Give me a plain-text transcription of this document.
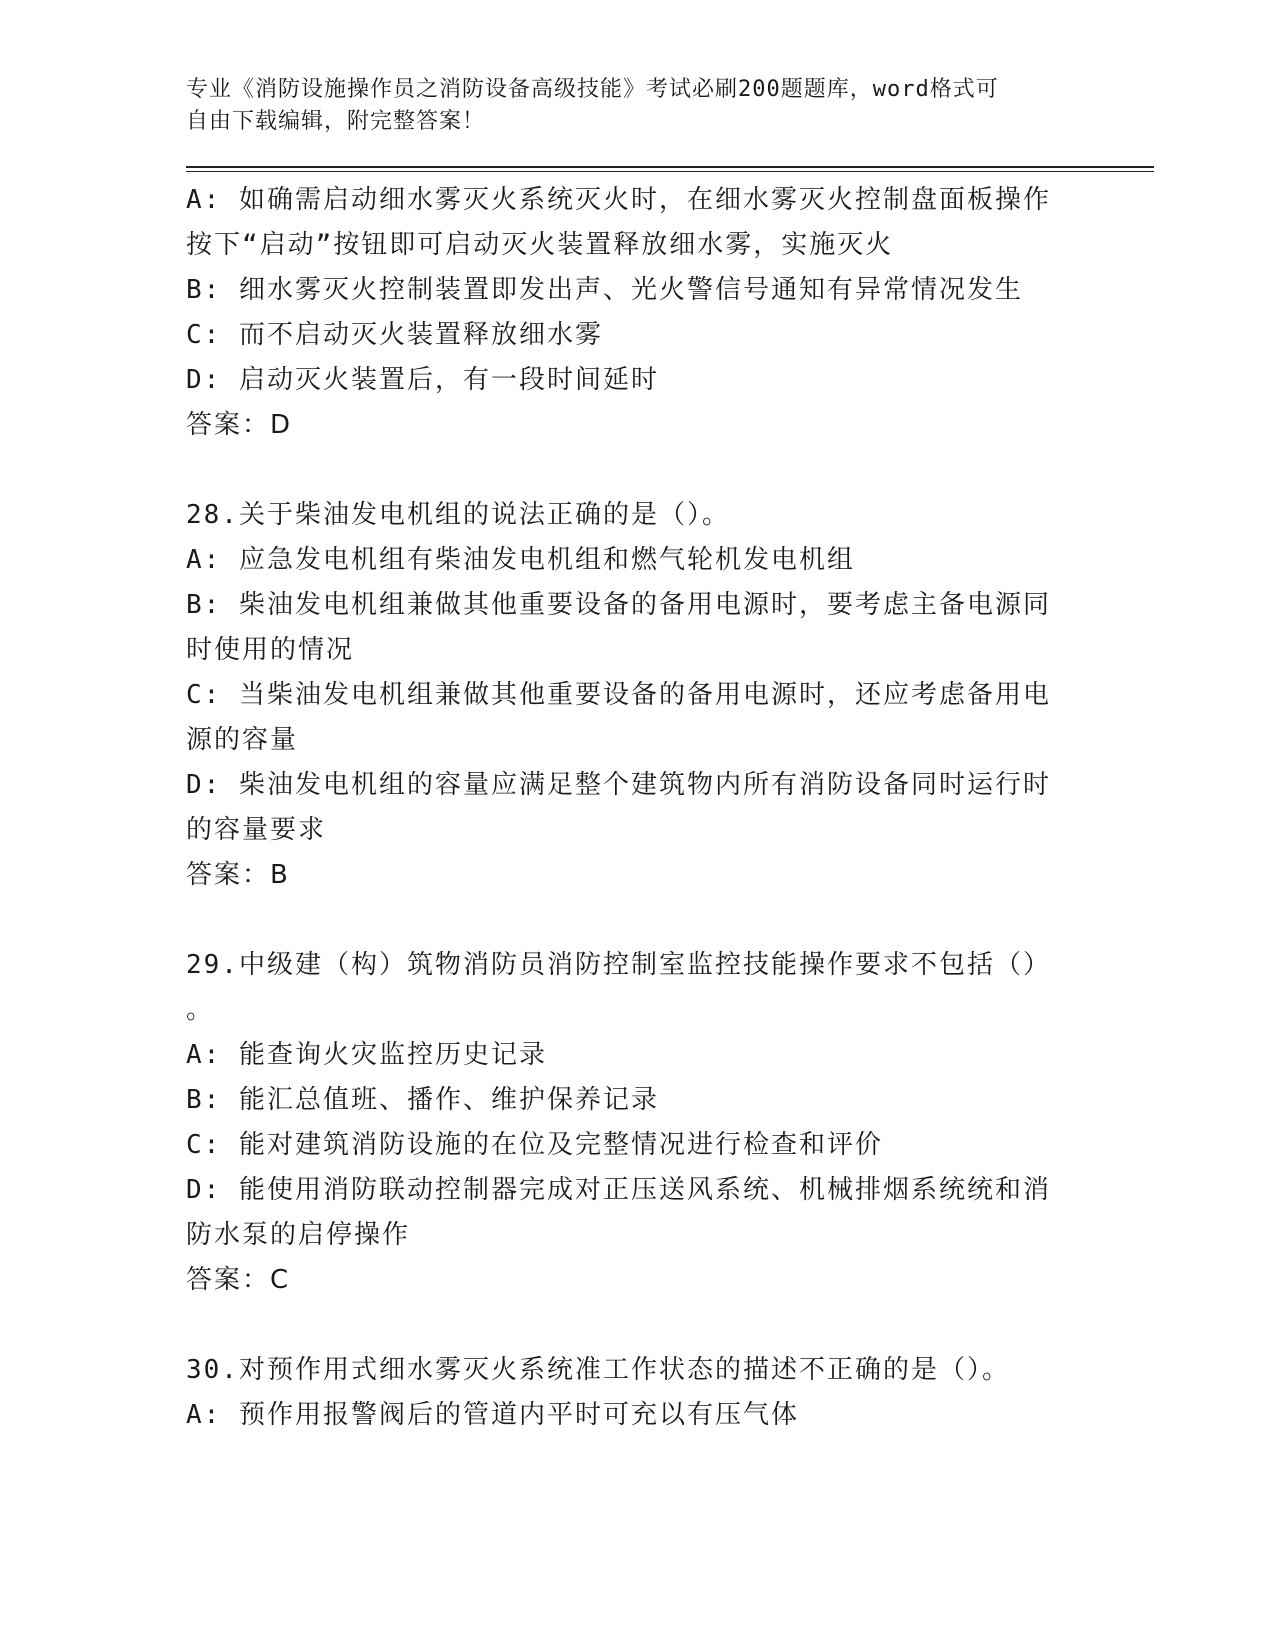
专业《消防设施操作员之消防设备高级技能》考试必刷200题题库，word格式可
自由下载编辑，附完整答案！
A: 如确需启动细水雾灭火系统灭火时，在细水雾灭火控制盘面板操作
按下“启动”按钮即可启动灭火装置释放细水雾，实施灭火
B: 细水雾灭火控制装置即发出声、光火警信号通知有异常情况发生
C: 而不启动灭火装置释放细水雾
D: 启动灭火装置后，有一段时间延时
答案：D
28.关于柴油发电机组的说法正确的是（）。
A: 应急发电机组有柴油发电机组和燃气轮机发电机组
B: 柴油发电机组兼做其他重要设备的备用电源时，要考虑主备电源同
时使用的情况
C: 当柴油发电机组兼做其他重要设备的备用电源时，还应考虑备用电
源的容量
D: 柴油发电机组的容量应满足整个建筑物内所有消防设备同时运行时
的容量要求
答案：B
29.中级建（构）筑物消防员消防控制室监控技能操作要求不包括（）
。
A: 能查询火灾监控历史记录
B: 能汇总值班、播作、维护保养记录
C: 能对建筑消防设施的在位及完整情况进行检查和评价
D: 能使用消防联动控制器完成对正压送风系统、机械排烟系统统和消
防水泵的启停操作
答案：C
30.对预作用式细水雾灭火系统准工作状态的描述不正确的是（）。
A: 预作用报警阀后的管道内平时可充以有压气体
